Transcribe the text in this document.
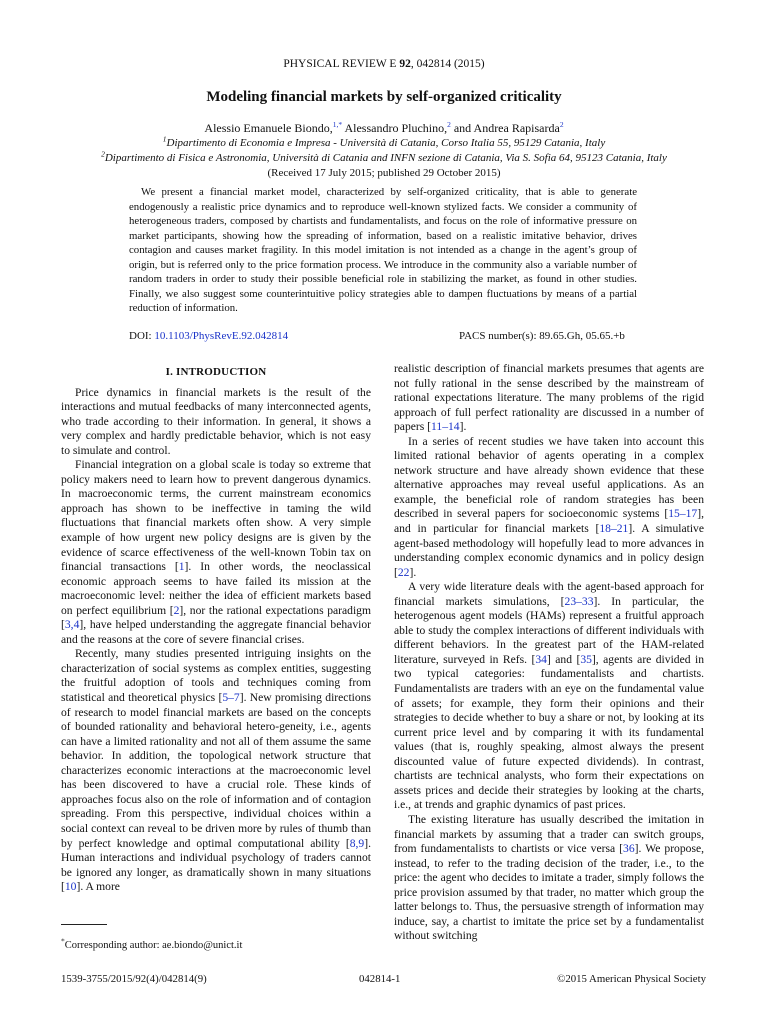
PHYSICAL REVIEW E 92, 042814 (2015)
Modeling financial markets by self-organized criticality
Alessio Emanuele Biondo,$^{1,*}$ Alessandro Pluchino,$^2$ and Andrea Rapisarda$^2$
$^1$Dipartimento di Economia e Impresa - Università di Catania, Corso Italia 55, 95129 Catania, Italy
$^2$Dipartimento di Fisica e Astronomia, Università di Catania and INFN sezione di Catania, Via S. Sofia 64, 95123 Catania, Italy
(Received 17 July 2015; published 29 October 2015)

We present a financial market model, characterized by self-organized criticality, that is able to generate endogenously a realistic price dynamics and to reproduce well-known stylized facts. We consider a community of heterogeneous traders, composed by chartists and fundamentalists, and focus on the role of informative pressure on market participants, showing how the spreading of information, based on a realistic imitative behavior, drives contagion and causes market fragility. In this model imitation is not intended as a change in the agent’s group of origin, but is referred only to the price formation process. We introduce in the community also a variable number of random traders in order to study their possible beneficial role in stabilizing the market, as found in other studies. Finally, we also suggest some counterintuitive policy strategies able to dampen fluctuations by means of a partial reduction of information.

DOI: 10.1103/PhysRevE.92.042814	PACS number(s): 89.65.Gh, 05.65.+b

I. INTRODUCTION

Price dynamics in financial markets is the result of the interactions and mutual feedbacks of many interconnected agents, who trade according to their information. In general, it shows a very complex and hardly predictable behavior, which is not easy to simulate and control.

Financial integration on a global scale is today so extreme that policy makers need to learn how to prevent dangerous dynamics. In macroeconomic terms, the current mainstream economics approach has shown to be ineffective in taming the wild fluctuations that financial markets often show. A very simple example of how urgent new policy designs are is given by the evidence of scarce effectiveness of the well-known Tobin tax on financial transactions [1]. In other words, the neoclassical economic approach seems to have failed its mission at the macroeconomic level: neither the idea of efficient markets based on perfect equilibrium [2], nor the rational expectations paradigm [3,4], have helped understanding the aggregate financial behavior and the reasons at the core of severe financial crises.

Recently, many studies presented intriguing insights on the characterization of social systems as complex entities, suggesting the fruitful adoption of tools and techniques coming from statistical and theoretical physics [5–7]. New promising directions of research to model financial markets are based on the concepts of bounded rationality and behavioral hetero-geneity, i.e., agents can have a limited rationality and not all of them assume the same behavior. In addition, the topological network structure that characterizes economic interactions at the macroeconomic level has been discovered to have a crucial role. These kinds of approaches focus also on the role of information and of contagion spreading. From this perspective, individual choices within a social context can reveal to be driven more by rules of thumb than by perfect knowledge and optimal computational ability [8,9]. Human interactions and individual psychology of traders cannot be ignored any longer, as dramatically shown in many situations [10]. A more

realistic description of financial markets presumes that agents are not fully rational in the sense described by the mainstream of rational expectations literature. The many problems of the rigid approach of full perfect rationality are discussed in a number of papers [11–14].

In a series of recent studies we have taken into account this limited rational behavior of agents operating in a complex network structure and have already shown evidence that these alternative approaches may reveal useful applications. As an example, the beneficial role of random strategies has been described in several papers for socioeconomic systems [15–17], and in particular for financial markets [18–21]. A simulative agent-based methodology will hopefully lead to more advances in understanding complex economic dynamics and in policy design [22].

A very wide literature deals with the agent-based approach for financial markets simulations, [23–33]. In particular, the heterogenous agent models (HAMs) represent a fruitful approach able to study the complex interactions of different individuals with different behaviors. In the greatest part of the HAM-related literature, surveyed in Refs. [34] and [35], agents are divided in two typical categories: fundamentalists and chartists. Fundamentalists are traders with an eye on the fundamental value of assets; for example, they form their opinions and their strategies to decide whether to buy a share or not, by looking at its current price level and by comparing it with its fundamental values (that is, roughly speaking, almost always the present discounted value of future expected dividends). In contrast, chartists are technical analysts, who form their expectations on assets prices and decide their strategies by looking at the charts, i.e., at trends and graphic dynamics of past prices.

The existing literature has usually described the imitation in financial markets by assuming that a trader can switch groups, from fundamentalists to chartists or vice versa [36]. We propose, instead, to refer to the trading decision of the trader, i.e., to the price: the agent who decides to imitate a trader, simply follows the price provision assumed by that trader, no matter which group the latter belongs to. Thus, the persuasive strength of information may induce, say, a chartist to imitate the price set by a fundamentalist without switching

*Corresponding author: ae.biondo@unict.it
1539-3755/2015/92(4)/042814(9)	042814-1	©2015 American Physical Society
